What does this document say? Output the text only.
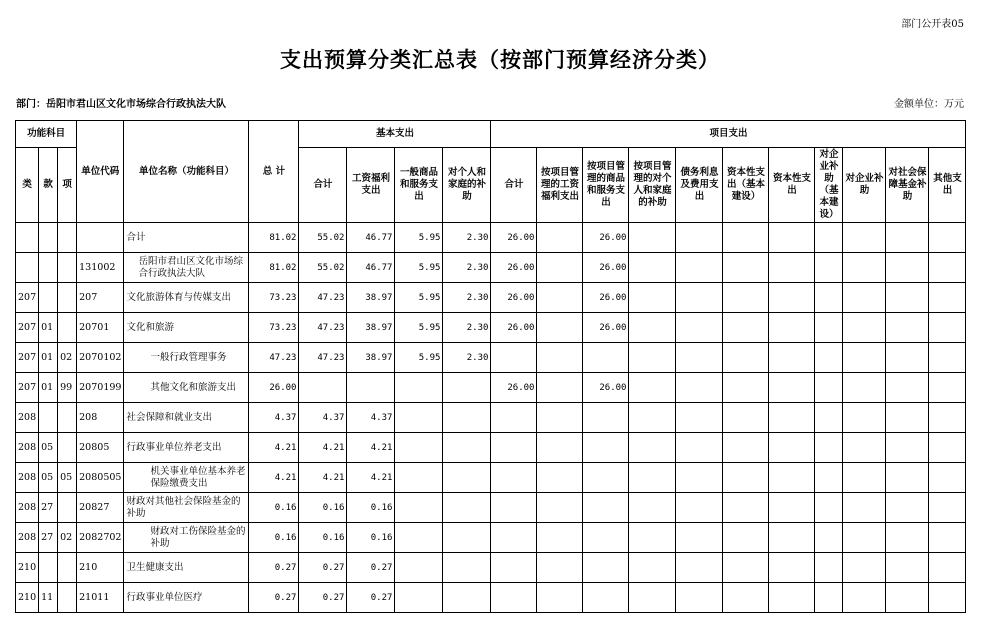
部门公开表05
支出预算分类汇总表（按部门预算经济分类）
部门：岳阳市君山区文化市场综合行政执法大队	金额单位：万元
功能科目			单位代码	单位名称（功能科目）	总 计	基本支出				项目支出										
类	款	项				合计	工资福利支出	一般商品和服务支出	对个人和家庭的补助	合计	按项目管理的工资福利支出	按项目管理的商品和服务支出	按项目管理的对个人和家庭的补助	债务利息及费用支出	资本性支出（基本建设）	资本性支出	对企业补助（基本建设）	对企业补助	对社会保障基金补助	其他支出
				合计	81.02	55.02	46.77	5.95	2.30	26.00		26.00								
			131002	岳阳市君山区文化市场综合行政执法大队	81.02	55.02	46.77	5.95	2.30	26.00		26.00								
207			207	文化旅游体育与传媒支出	73.23	47.23	38.97	5.95	2.30	26.00		26.00								
207	01		20701	文化和旅游	73.23	47.23	38.97	5.95	2.30	26.00		26.00								
207	01	02	2070102	一般行政管理事务	47.23	47.23	38.97	5.95	2.30											
207	01	99	2070199	其他文化和旅游支出	26.00					26.00		26.00								
208			208	社会保障和就业支出	4.37	4.37	4.37													
208	05		20805	行政事业单位养老支出	4.21	4.21	4.21													
208	05	05	2080505	机关事业单位基本养老保险缴费支出	4.21	4.21	4.21													
208	27		20827	财政对其他社会保险基金的补助	0.16	0.16	0.16													
208	27	02	2082702	财政对工伤保险基金的补助	0.16	0.16	0.16													
210			210	卫生健康支出	0.27	0.27	0.27													
210	11		21011	行政事业单位医疗	0.27	0.27	0.27													
